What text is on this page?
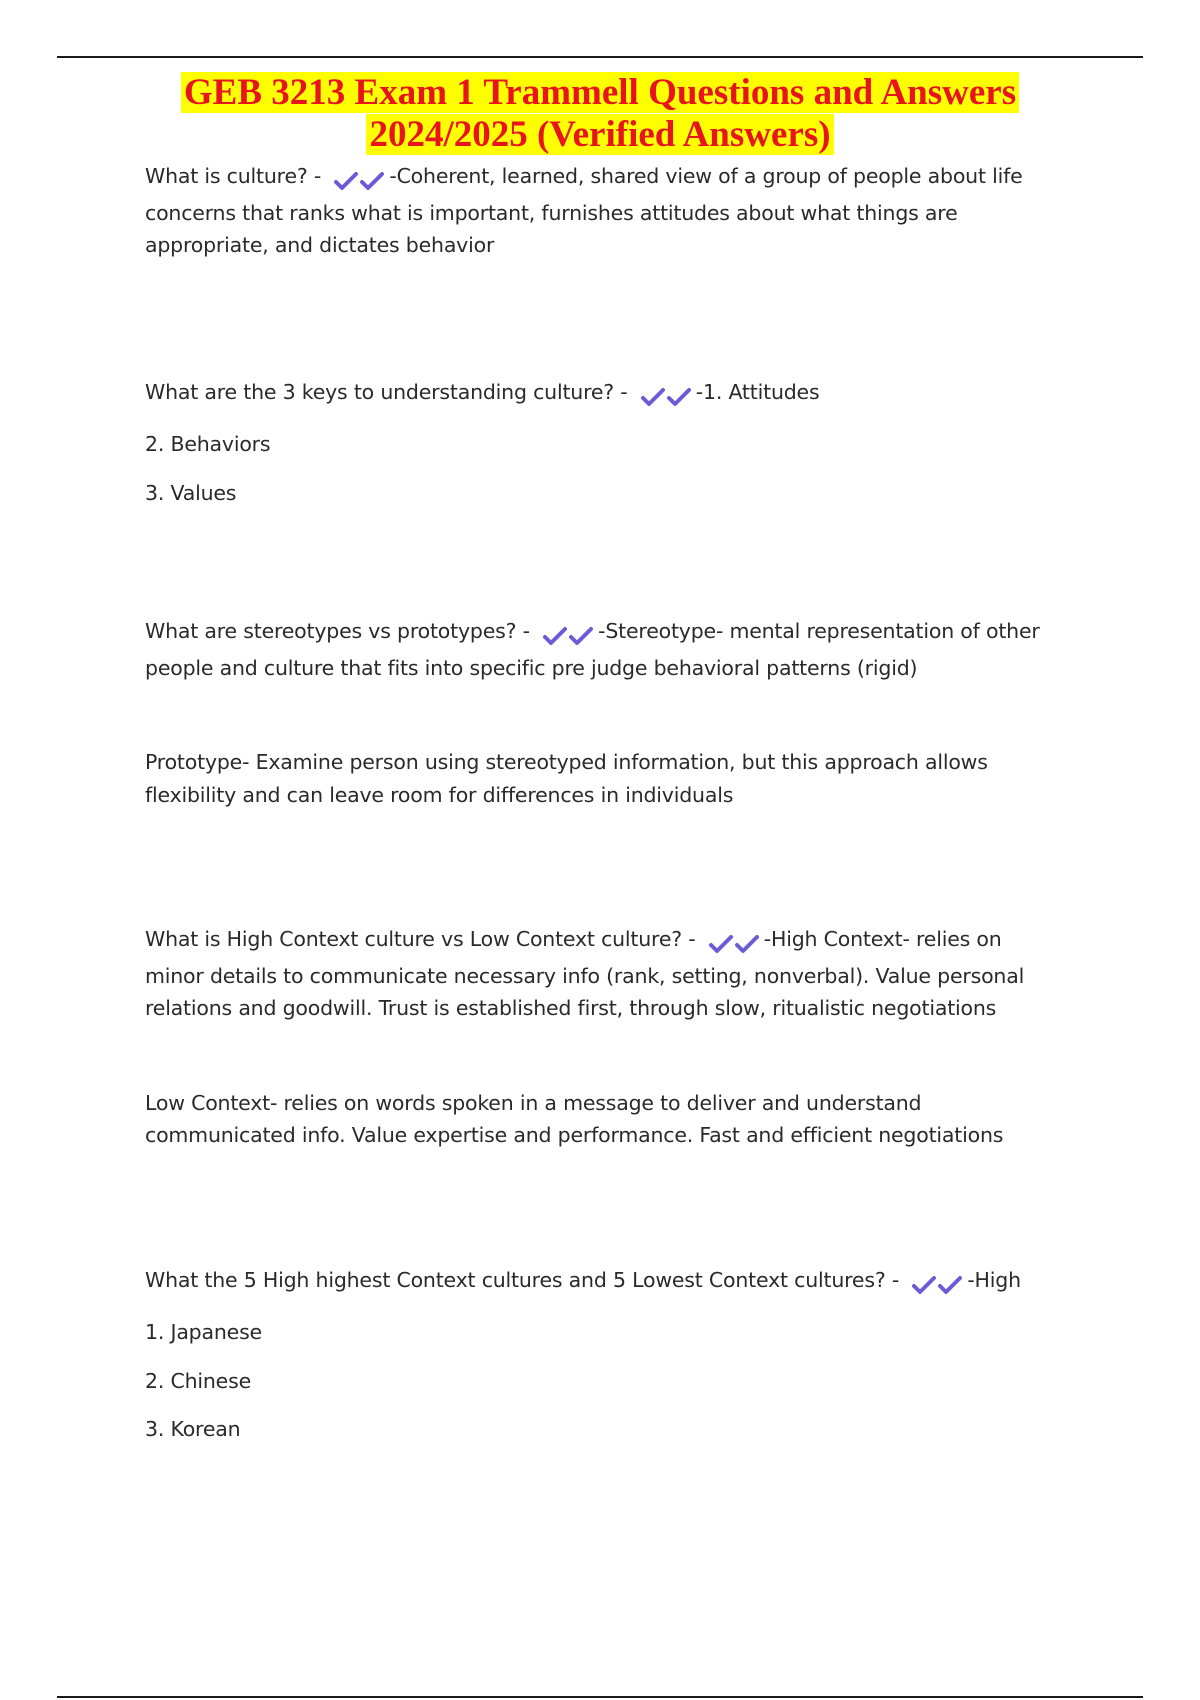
GEB 3213 Exam 1 Trammell Questions and Answers
2024/2025 (Verified Answers)
What is culture? -	-Coherent, learned, shared view of a group of people about life concerns that ranks what is important, furnishes attitudes about what things are appropriate, and dictates behavior
What are the 3 keys to understanding culture? -	-1. Attitudes
2. Behaviors
3. Values
What are stereotypes vs prototypes? -	-Stereotype- mental representation of other people and culture that fits into specific pre judge behavioral patterns (rigid)
Prototype- Examine person using stereotyped information, but this approach allows flexibility and can leave room for differences in individuals
What is High Context culture vs Low Context culture? -	-High Context- relies on minor details to communicate necessary info (rank, setting, nonverbal). Value personal relations and goodwill. Trust is established first, through slow, ritualistic negotiations
Low Context- relies on words spoken in a message to deliver and understand communicated info. Value expertise and performance. Fast and efficient negotiations
What the 5 High highest Context cultures and 5 Lowest Context cultures? -	-High
1. Japanese
2. Chinese
3. Korean
